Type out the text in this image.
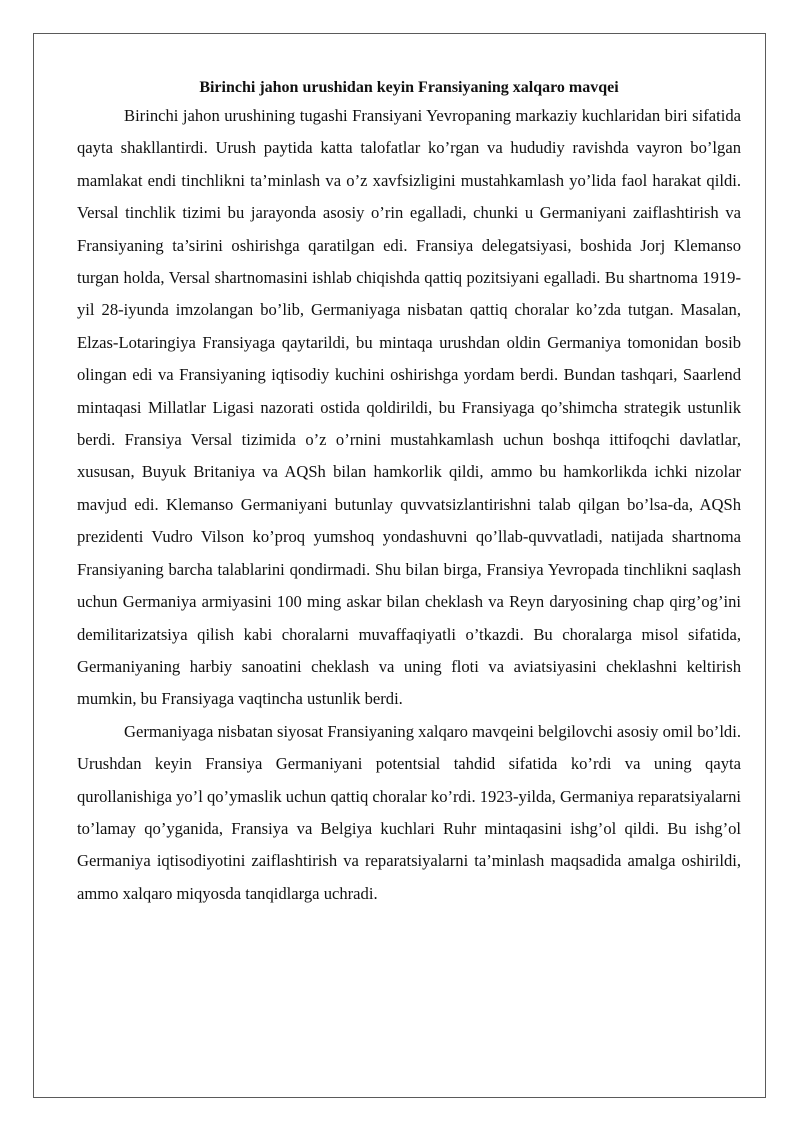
Birinchi jahon urushidan keyin Fransiyaning xalqaro mavqei

Birinchi jahon urushining tugashi Fransiyani Yevropaning markaziy kuchlaridan biri sifatida qayta shakllantirdi. Urush paytida katta talofatlar ko’rgan va hududiy ravishda vayron bo’lgan mamlakat endi tinchlikni ta’minlash va o’z xavfsizligini mustahkamlash yo’lida faol harakat qildi. Versal tinchlik tizimi bu jarayonda asosiy o’rin egalladi, chunki u Germaniyani zaiflashtirish va Fransiyaning ta’sirini oshirishga qaratilgan edi. Fransiya delegatsiyasi, boshida Jorj Klemanso turgan holda, Versal shartnomasini ishlab chiqishda qattiq pozitsiyani egalladi. Bu shartnoma 1919-yil 28-iyunda imzolangan bo’lib, Germaniyaga nisbatan qattiq choralar ko’zda tutgan. Masalan, Elzas-Lotaringiya Fransiyaga qaytarildi, bu mintaqa urushdan oldin Germaniya tomonidan bosib olingan edi va Fransiyaning iqtisodiy kuchini oshirishga yordam berdi. Bundan tashqari, Saarlend mintaqasi Millatlar Ligasi nazorati ostida qoldirildi, bu Fransiyaga qo’shimcha strategik ustunlik berdi. Fransiya Versal tizimida o’z o’rnini mustahkamlash uchun boshqa ittifoqchi davlatlar, xususan, Buyuk Britaniya va AQSh bilan hamkorlik qildi, ammo bu hamkorlikda ichki nizolar mavjud edi. Klemanso Germaniyani butunlay quvvatsizlantirishni talab qilgan bo’lsa-da, AQSh prezidenti Vudro Vilson ko’proq yumshoq yondashuvni qo’llab-quvvatladi, natijada shartnoma Fransiyaning barcha talablarini qondirmadi. Shu bilan birga, Fransiya Yevropada tinchlikni saqlash uchun Germaniya armiyasini 100 ming askar bilan cheklash va Reyn daryosining chap qirg’og’ini demilitarizatsiya qilish kabi choralarni muvaffaqiyatli o’tkazdi. Bu choralarga misol sifatida, Germaniyaning harbiy sanoatini cheklash va uning floti va aviatsiyasini cheklashni keltirish mumkin, bu Fransiyaga vaqtincha ustunlik berdi.

Germaniyaga nisbatan siyosat Fransiyaning xalqaro mavqeini belgilovchi asosiy omil bo’ldi. Urushdan keyin Fransiya Germaniyani potentsial tahdid sifatida ko’rdi va uning qayta qurollanishiga yo’l qo’ymaslik uchun qattiq choralar ko’rdi. 1923-yilda, Germaniya reparatsiyalarni to’lamay qo’yganida, Fransiya va Belgiya kuchlari Ruhr mintaqasini ishg’ol qildi. Bu ishg’ol Germaniya iqtisodiyotini zaiflashtirish va reparatsiyalarni ta’minlash maqsadida amalga oshirildi, ammo xalqaro miqyosda tanqidlarga uchradi.
